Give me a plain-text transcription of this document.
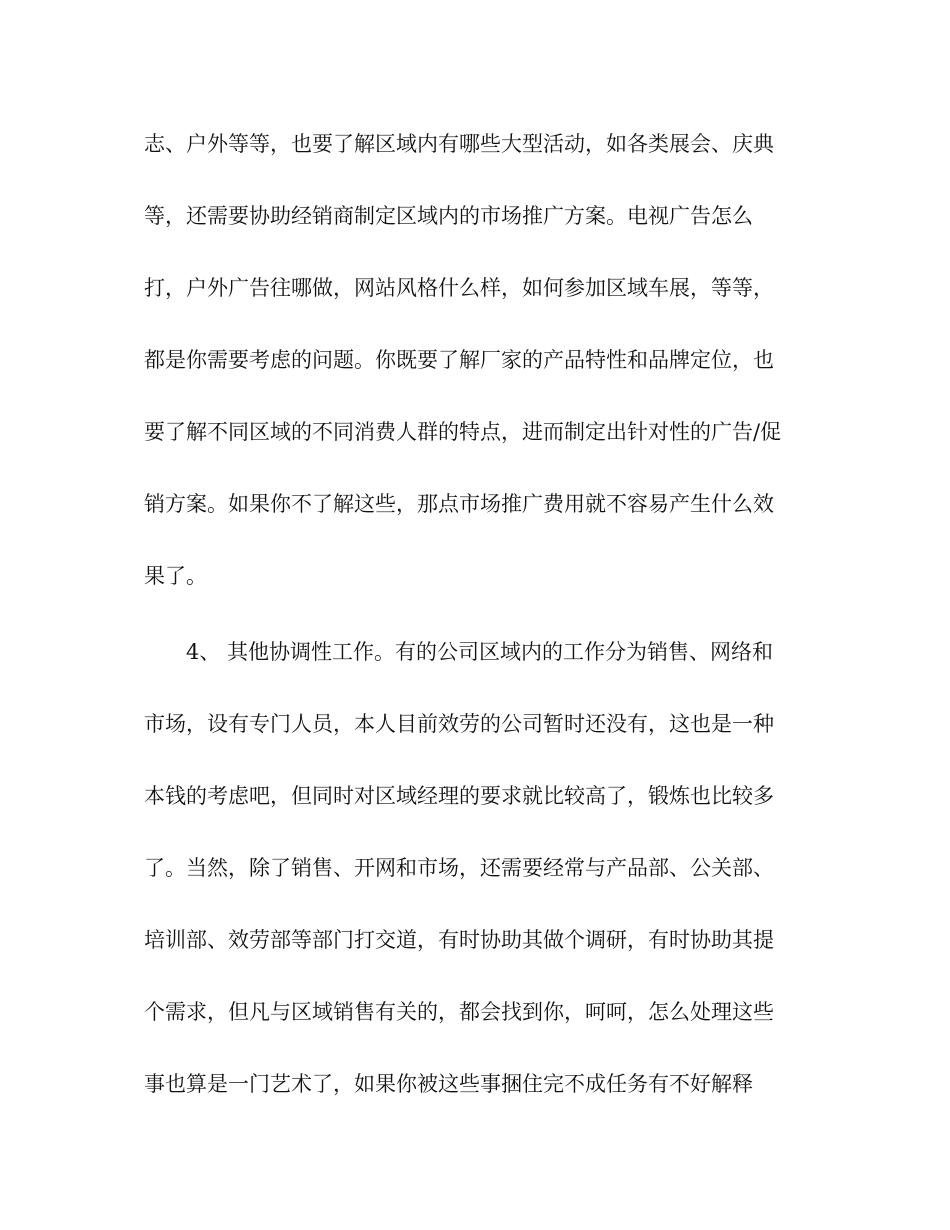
志、户外等等，也要了解区域内有哪些大型活动，如各类展会、庆典
等，还需要协助经销商制定区域内的市场推广方案。电视广告怎么
打，户外广告往哪做，网站风格什么样，如何参加区域车展，等等，
都是你需要考虑的问题。你既要了解厂家的产品特性和品牌定位，也
要了解不同区域的不同消费人群的特点，进而制定出针对性的广告/促
销方案。如果你不了解这些，那点市场推广费用就不容易产生什么效
果了。
4、 其他协调性工作。有的公司区域内的工作分为销售、网络和
市场，设有专门人员，本人目前效劳的公司暂时还没有，这也是一种
本钱的考虑吧，但同时对区域经理的要求就比较高了，锻炼也比较多
了。当然，除了销售、开网和市场，还需要经常与产品部、公关部、
培训部、效劳部等部门打交道，有时协助其做个调研，有时协助其提
个需求，但凡与区域销售有关的，都会找到你，呵呵，怎么处理这些
事也算是一门艺术了，如果你被这些事捆住完不成任务有不好解释
